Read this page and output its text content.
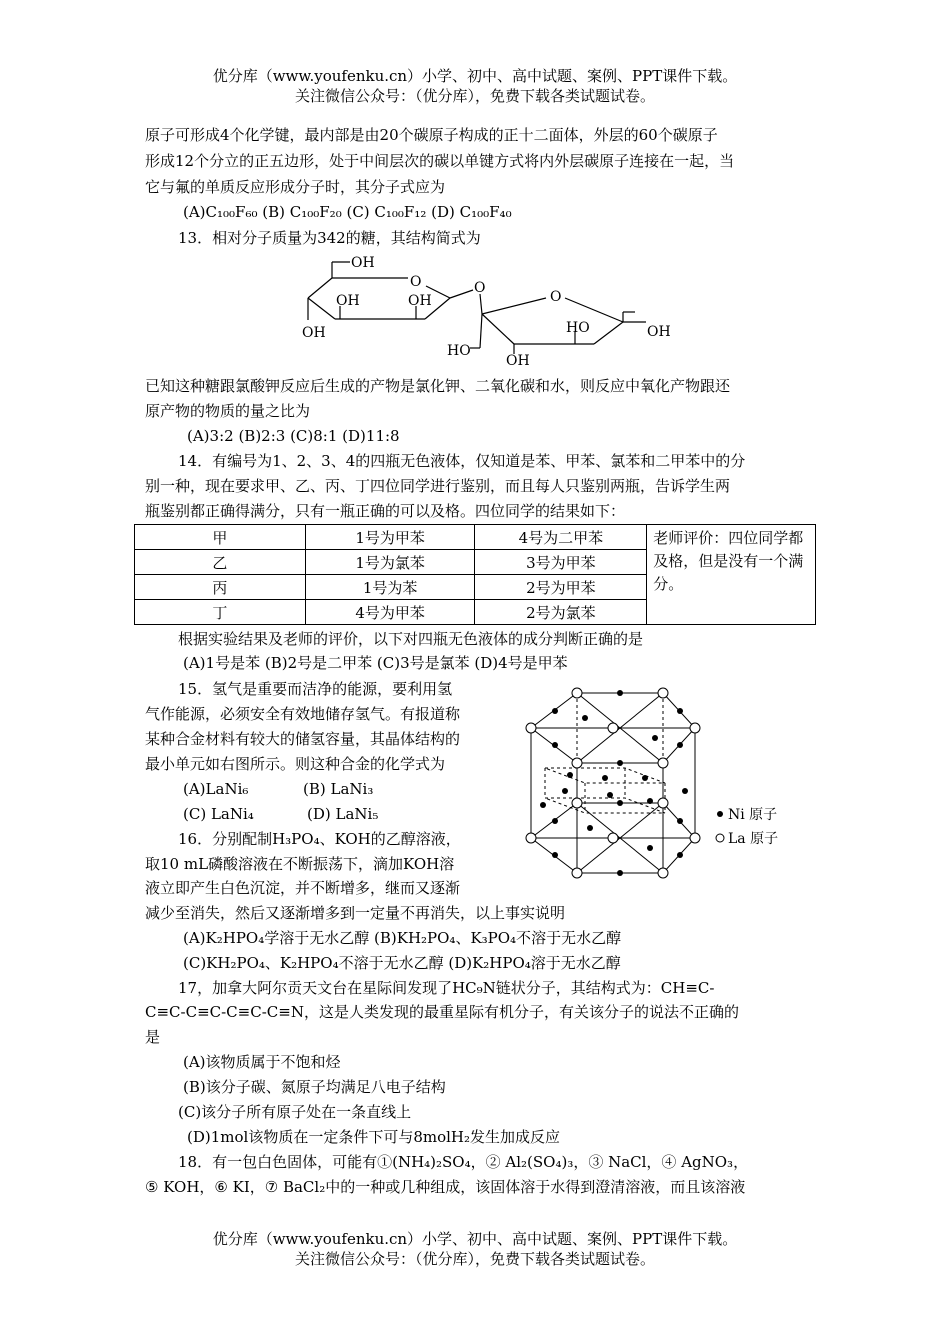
优分库（www.youfenku.cn）小学、初中、高中试题、案例、PPT课件下载。
关注微信公众号：（优分库），免费下载各类试题试卷。
原子可形成4个化学键，最内部是由20个碳原子构成的正十二面体，外层的60个碳原子
形成12个分立的正五边形，处于中间层次的碳以单键方式将内外层碳原子连接在一起，当
它与氟的单质反应形成分子时，其分子式应为
(A)C₁₀₀F₆₀ (B) C₁₀₀F₂₀ (C) C₁₀₀F₁₂ (D) C₁₀₀F₄₀
13．相对分子质量为342的糖，其结构简式为
OH
O
OH	OH
OH
O
O
HO	OH
HO
OH
已知这种糖跟氯酸钾反应后生成的产物是氯化钾、二氧化碳和水，则反应中氧化产物跟还
原产物的物质的量之比为
(A)3:2 (B)2:3 (C)8:1 (D)11:8
14．有编号为1、2、3、4的四瓶无色液体，仅知道是苯、甲苯、氯苯和二甲苯中的分
别一种，现在要求甲、乙、丙、丁四位同学进行鉴别，而且每人只鉴别两瓶，告诉学生两
瓶鉴别都正确得满分，只有一瓶正确的可以及格。四位同学的结果如下：
甲	1号为甲苯	4号为二甲苯	老师评价：四位同学都及格，但是没有一个满分。
乙	1号为氯苯	3号为甲苯	
丙	1号为苯	2号为甲苯	
丁	4号为甲苯	2号为氯苯	
根据实验结果及老师的评价，以下对四瓶无色液体的成分判断正确的是
(A)1号是苯 (B)2号是二甲苯 (C)3号是氯苯 (D)4号是甲苯
15．氢气是重要而洁净的能源，要利用氢
气作能源，必须安全有效地储存氢气。有报道称
某种合金材料有较大的储氢容量，其晶体结构的
最小单元如右图所示。则这种合金的化学式为
(A)LaNi₆	(B) LaNi₃
(C) LaNi₄	(D) LaNi₅	Ni 原子
La 原子
16．分别配制H₃PO₄、KOH的乙醇溶液，
取10 mL磷酸溶液在不断振荡下，滴加KOH溶
液立即产生白色沉淀，并不断增多，继而又逐渐
减少至消失，然后又逐渐增多到一定量不再消失，以上事实说明
(A)K₂HPO₄学溶于无水乙醇 (B)KH₂PO₄、K₃PO₄不溶于无水乙醇
(C)KH₂PO₄、K₂HPO₄不溶于无水乙醇 (D)K₂HPO₄溶于无水乙醇
17，加拿大阿尔贡天文台在星际间发现了HC₉N链状分子，其结构式为：CH≡C-
C≡C-C≡C-C≡C-C≡N，这是人类发现的最重星际有机分子，有关该分子的说法不正确的
是
(A)该物质属于不饱和烃
(B)该分子碳、氮原子均满足八电子结构
(C)该分子所有原子处在一条直线上
(D)1mol该物质在一定条件下可与8molH₂发生加成反应
18．有一包白色固体，可能有①(NH₄)₂SO₄，② Al₂(SO₄)₃，③ NaCl，④ AgNO₃，
⑤ KOH，⑥ KI，⑦ BaCl₂中的一种或几种组成，该固体溶于水得到澄清溶液，而且该溶液
优分库（www.youfenku.cn）小学、初中、高中试题、案例、PPT课件下载。
关注微信公众号：（优分库），免费下载各类试题试卷。
